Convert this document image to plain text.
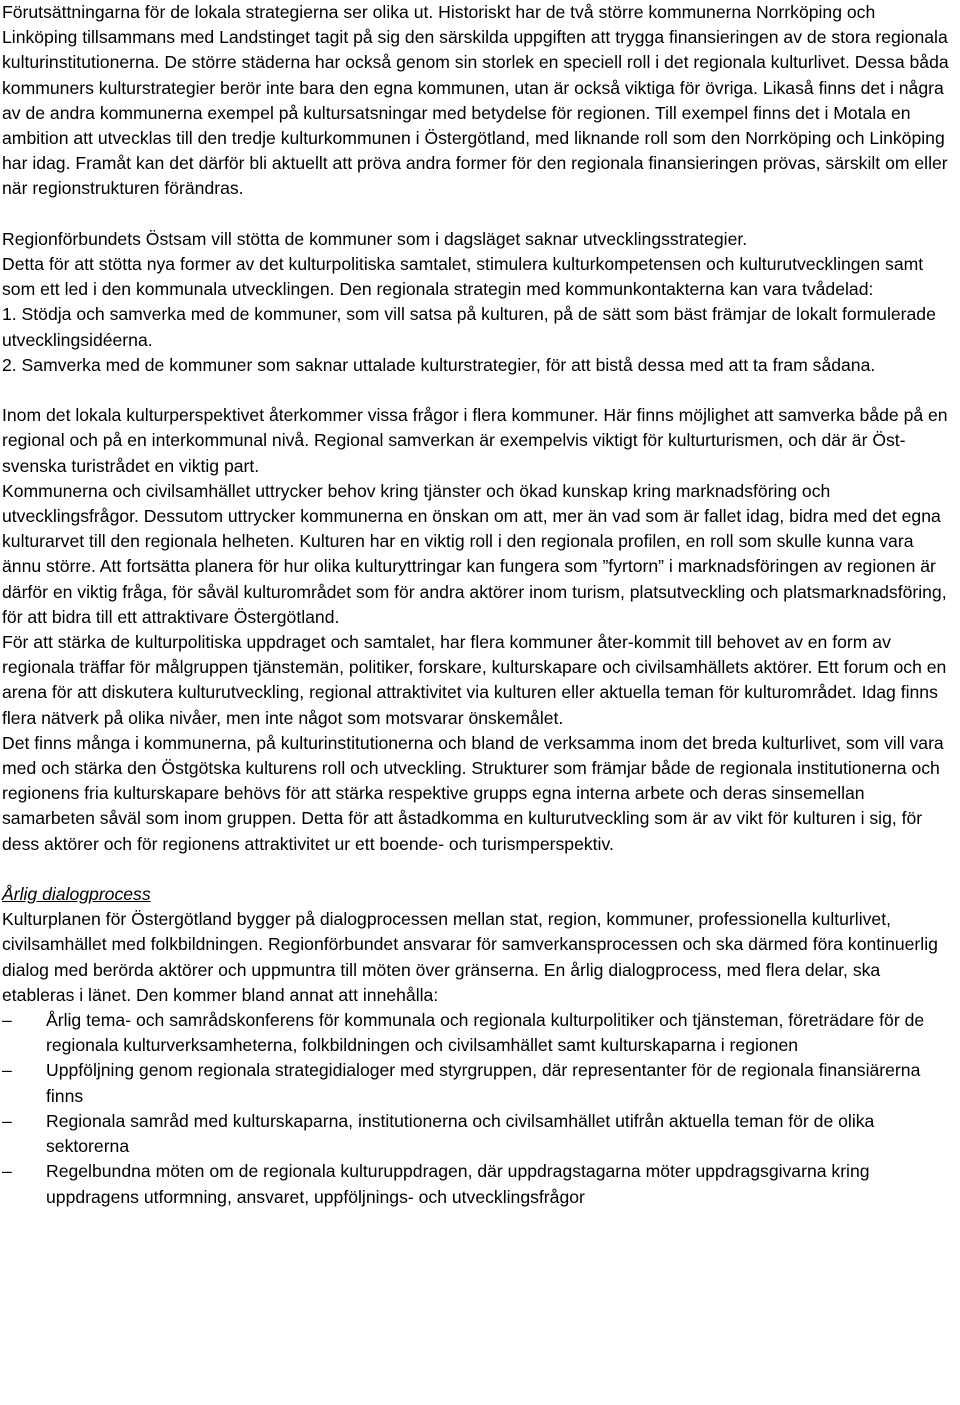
Förutsättningarna för de lokala strategierna ser olika ut. Historiskt har de två större kommunerna Norrköping och Linköping tillsammans med Landstinget tagit på sig den särskilda uppgiften att trygga finansieringen av de stora regionala kulturinstitutionerna. De större städerna har också genom sin storlek en speciell roll i det regionala kulturlivet. Dessa båda kommuners kulturstrategier berör inte bara den egna kommunen, utan är också viktiga för övriga. Likaså finns det i några av de andra kommunerna exempel på kultursatsningar med betydelse för regionen. Till exempel finns det i Motala en ambition att utvecklas till den tredje kulturkommunen i Östergötland, med liknande roll som den Norrköping och Linköping har idag. Framåt kan det därför bli aktuellt att pröva andra former för den regionala finansieringen prövas, särskilt om eller när regionstrukturen förändras.

Regionförbundets Östsam vill stötta de kommuner som i dagsläget saknar utvecklingsstrategier.

Detta för att stötta nya former av det kulturpolitiska samtalet, stimulera kulturkompetensen och kulturutvecklingen samt som ett led i den kommunala utvecklingen. Den regionala strategin med kommunkontakterna kan vara tvådelad:

1. Stödja och samverka med de kommuner, som vill satsa på kulturen, på de sätt som bäst främjar de lokalt formulerade utvecklingsidéerna.

2. Samverka med de kommuner som saknar uttalade kulturstrategier, för att bistå dessa med att ta fram sådana.

Inom det lokala kulturperspektivet återkommer vissa frågor i flera kommuner. Här finns möjlighet att samverka både på en regional och på en interkommunal nivå. Regional samverkan är exempelvis viktigt för kulturturismen, och där är Öst-svenska turistrådet en viktig part.

Kommunerna och civilsamhället uttrycker behov kring tjänster och ökad kunskap kring marknadsföring och utvecklingsfrågor. Dessutom uttrycker kommunerna en önskan om att, mer än vad som är fallet idag, bidra med det egna kulturarvet till den regionala helheten. Kulturen har en viktig roll i den regionala profilen, en roll som skulle kunna vara ännu större. Att fortsätta planera för hur olika kulturyttringar kan fungera som ”fyrtorn” i marknadsföringen av regionen är därför en viktig fråga, för såväl kulturområdet som för andra aktörer inom turism, platsutveckling och platsmarknadsföring, för att bidra till ett attraktivare Östergötland.

För att stärka de kulturpolitiska uppdraget och samtalet, har flera kommuner åter-kommit till behovet av en form av regionala träffar för målgruppen tjänstemän, politiker, forskare, kulturskapare och civilsamhällets aktörer. Ett forum och en arena för att diskutera kulturutveckling, regional attraktivitet via kulturen eller aktuella teman för kulturområdet. Idag finns flera nätverk på olika nivåer, men inte något som motsvarar önskemålet.

Det finns många i kommunerna, på kulturinstitutionerna och bland de verksamma inom det breda kulturlivet, som vill vara med och stärka den Östgötska kulturens roll och utveckling. Strukturer som främjar både de regionala institutionerna och regionens fria kulturskapare behövs för att stärka respektive grupps egna interna arbete och deras sinsemellan samarbeten såväl som inom gruppen. Detta för att åstadkomma en kulturutveckling som är av vikt för kulturen i sig, för dess aktörer och för regionens attraktivitet ur ett boende- och turismperspektiv.

Årlig dialogprocess

Kulturplanen för Östergötland bygger på dialogprocessen mellan stat, region, kommuner, professionella kulturlivet, civilsamhället med folkbildningen. Regionförbundet ansvarar för samverkansprocessen och ska därmed föra kontinuerlig dialog med berörda aktörer och uppmuntra till möten över gränserna. En årlig dialogprocess, med flera delar, ska etableras i länet. Den kommer bland annat att innehålla:

–	Årlig tema- och samrådskonferens för kommunala och regionala kulturpolitiker och tjänsteman, företrädare för de regionala kulturverksamheterna, folkbildningen och civilsamhället samt kulturskaparna i regionen
–	Uppföljning genom regionala strategidialoger med styrgruppen, där representanter för de regionala finansiärerna finns
–	Regionala samråd med kulturskaparna, institutionerna och civilsamhället utifrån aktuella teman för de olika sektorerna
–	Regelbundna möten om de regionala kulturuppdragen, där uppdragstagarna möter uppdragsgivarna kring uppdragens utformning, ansvaret, uppföljnings- och utvecklingsfrågor
